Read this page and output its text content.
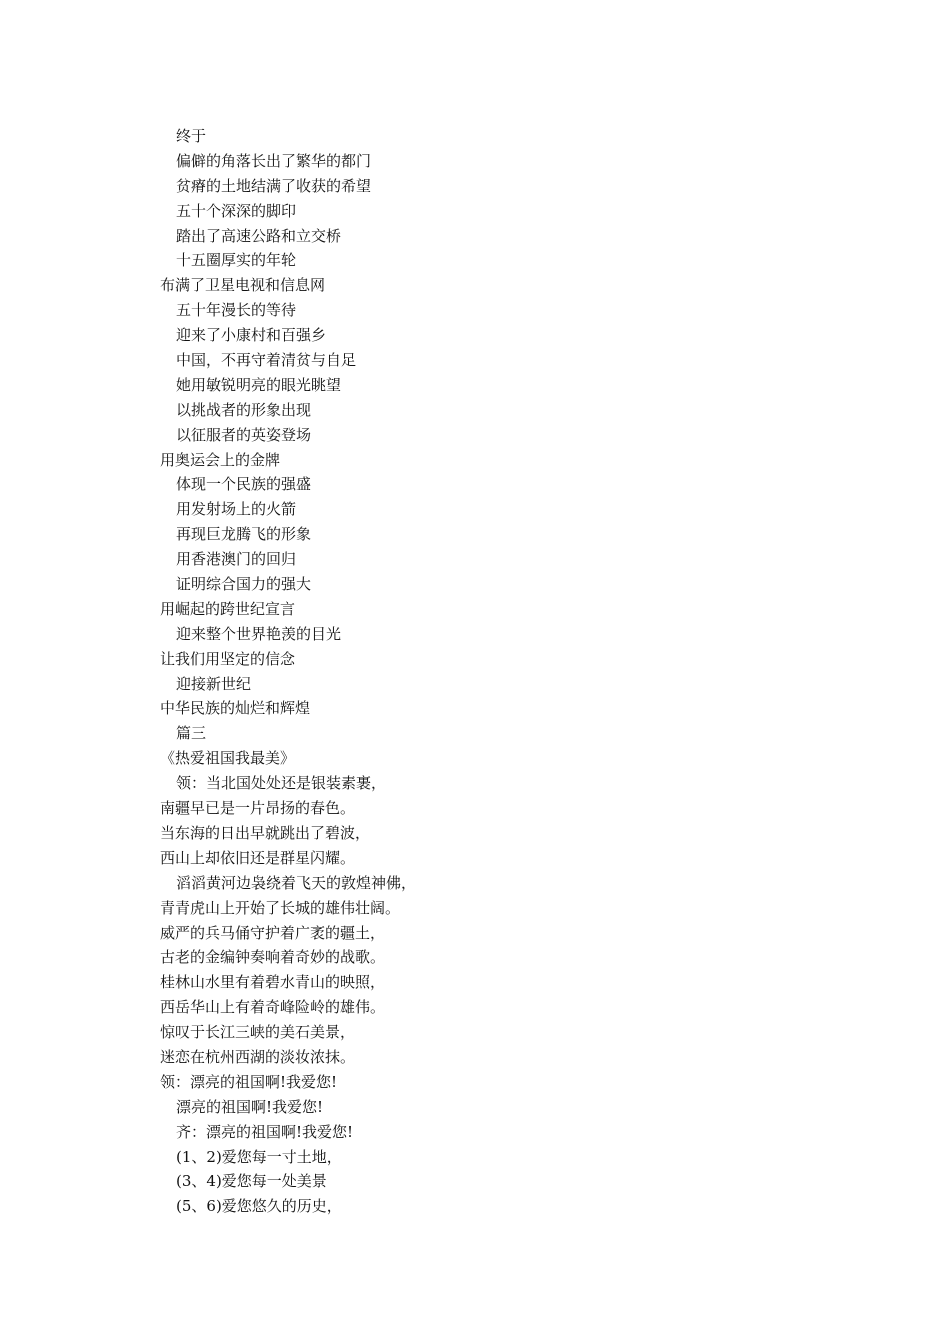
终于
偏僻的角落长出了繁华的都门
贫瘠的土地结满了收获的希望
五十个深深的脚印
踏出了高速公路和立交桥
十五圈厚实的年轮
布满了卫星电视和信息网
五十年漫长的等待
迎来了小康村和百强乡
中国，不再守着清贫与自足
她用敏锐明亮的眼光眺望
以挑战者的形象出现
以征服者的英姿登场
用奥运会上的金牌
体现一个民族的强盛
用发射场上的火箭
再现巨龙腾飞的形象
用香港澳门的回归
证明综合国力的强大
用崛起的跨世纪宣言
迎来整个世界艳羡的目光
让我们用坚定的信念
迎接新世纪
中华民族的灿烂和辉煌
篇三
《热爱祖国我最美》
领：当北国处处还是银装素裹，
南疆早已是一片昂扬的春色。
当东海的日出早就跳出了碧波，
西山上却依旧还是群星闪耀。
滔滔黄河边袅绕着飞天的敦煌神佛，
青青虎山上开始了长城的雄伟壮阔。
威严的兵马俑守护着广袤的疆土，
古老的金编钟奏响着奇妙的战歌。
桂林山水里有着碧水青山的映照，
西岳华山上有着奇峰险岭的雄伟。
惊叹于长江三峡的美石美景，
迷恋在杭州西湖的淡妆浓抹。
领：漂亮的祖国啊!我爱您!
漂亮的祖国啊!我爱您!
齐：漂亮的祖国啊!我爱您!
(1、2)爱您每一寸土地，
(3、4)爱您每一处美景
(5、6)爱您悠久的历史，
